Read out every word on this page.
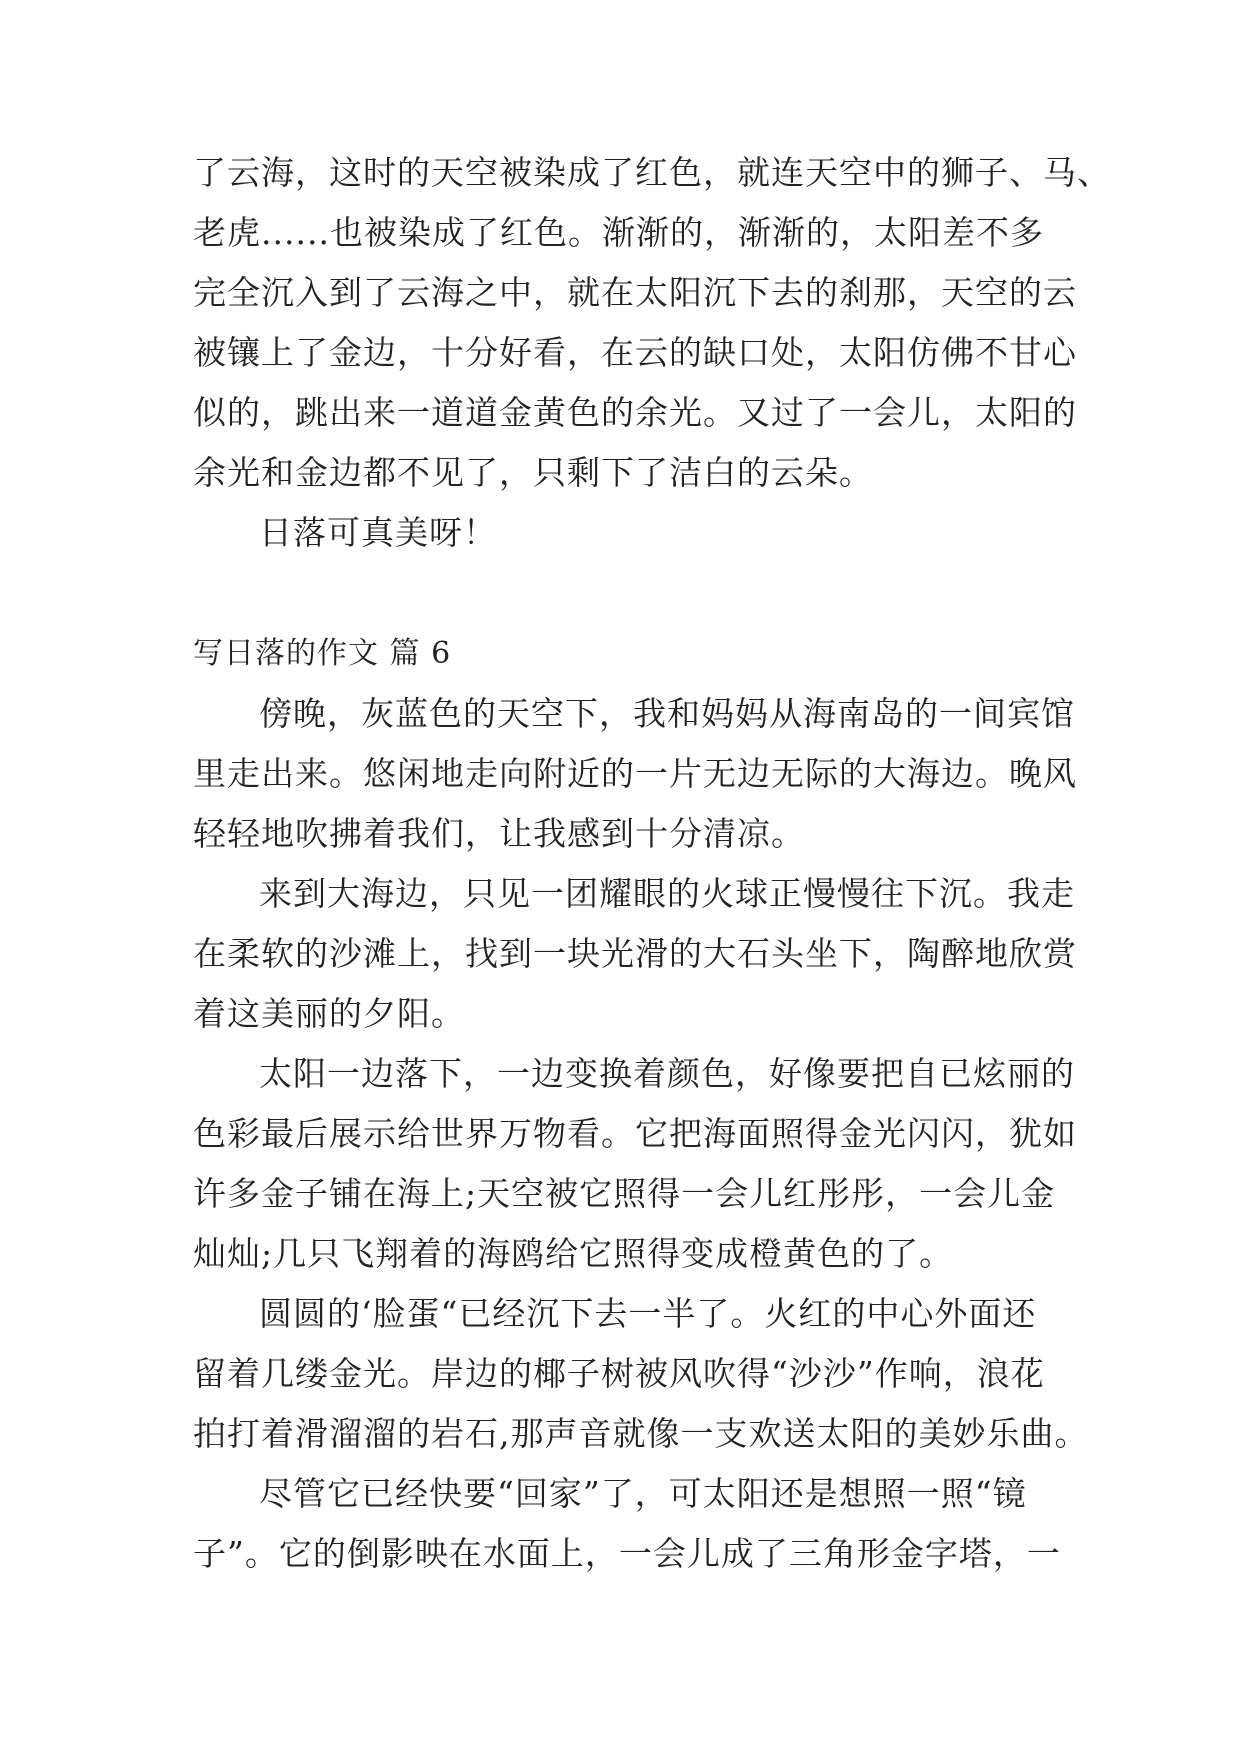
了云海，这时的天空被染成了红色，就连天空中的狮子、马、
老虎......也被染成了红色。渐渐的，渐渐的，太阳差不多
完全沉入到了云海之中，就在太阳沉下去的刹那，天空的云
被镶上了金边，十分好看，在云的缺口处，太阳仿佛不甘心
似的，跳出来一道道金黄色的余光。又过了一会儿，太阳的
余光和金边都不见了，只剩下了洁白的云朵。
日落可真美呀！
写日落的作文 篇 6
傍晚，灰蓝色的天空下，我和妈妈从海南岛的一间宾馆
里走出来。悠闲地走向附近的一片无边无际的大海边。晚风
轻轻地吹拂着我们，让我感到十分清凉。
来到大海边，只见一团耀眼的火球正慢慢往下沉。我走
在柔软的沙滩上，找到一块光滑的大石头坐下，陶醉地欣赏
着这美丽的夕阳。
太阳一边落下，一边变换着颜色，好像要把自已炫丽的
色彩最后展示给世界万物看。它把海面照得金光闪闪，犹如
许多金子铺在海上;天空被它照得一会儿红彤彤，一会儿金
灿灿;几只飞翔着的海鸥给它照得变成橙黄色的了。
圆圆的‘脸蛋“已经沉下去一半了。火红的中心外面还
留着几缕金光。岸边的椰子树被风吹得“沙沙”作响，浪花
拍打着滑溜溜的岩石,那声音就像一支欢送太阳的美妙乐曲。
尽管它已经快要“回家”了，可太阳还是想照一照“镜
子”。它的倒影映在水面上，一会儿成了三角形金字塔，一
